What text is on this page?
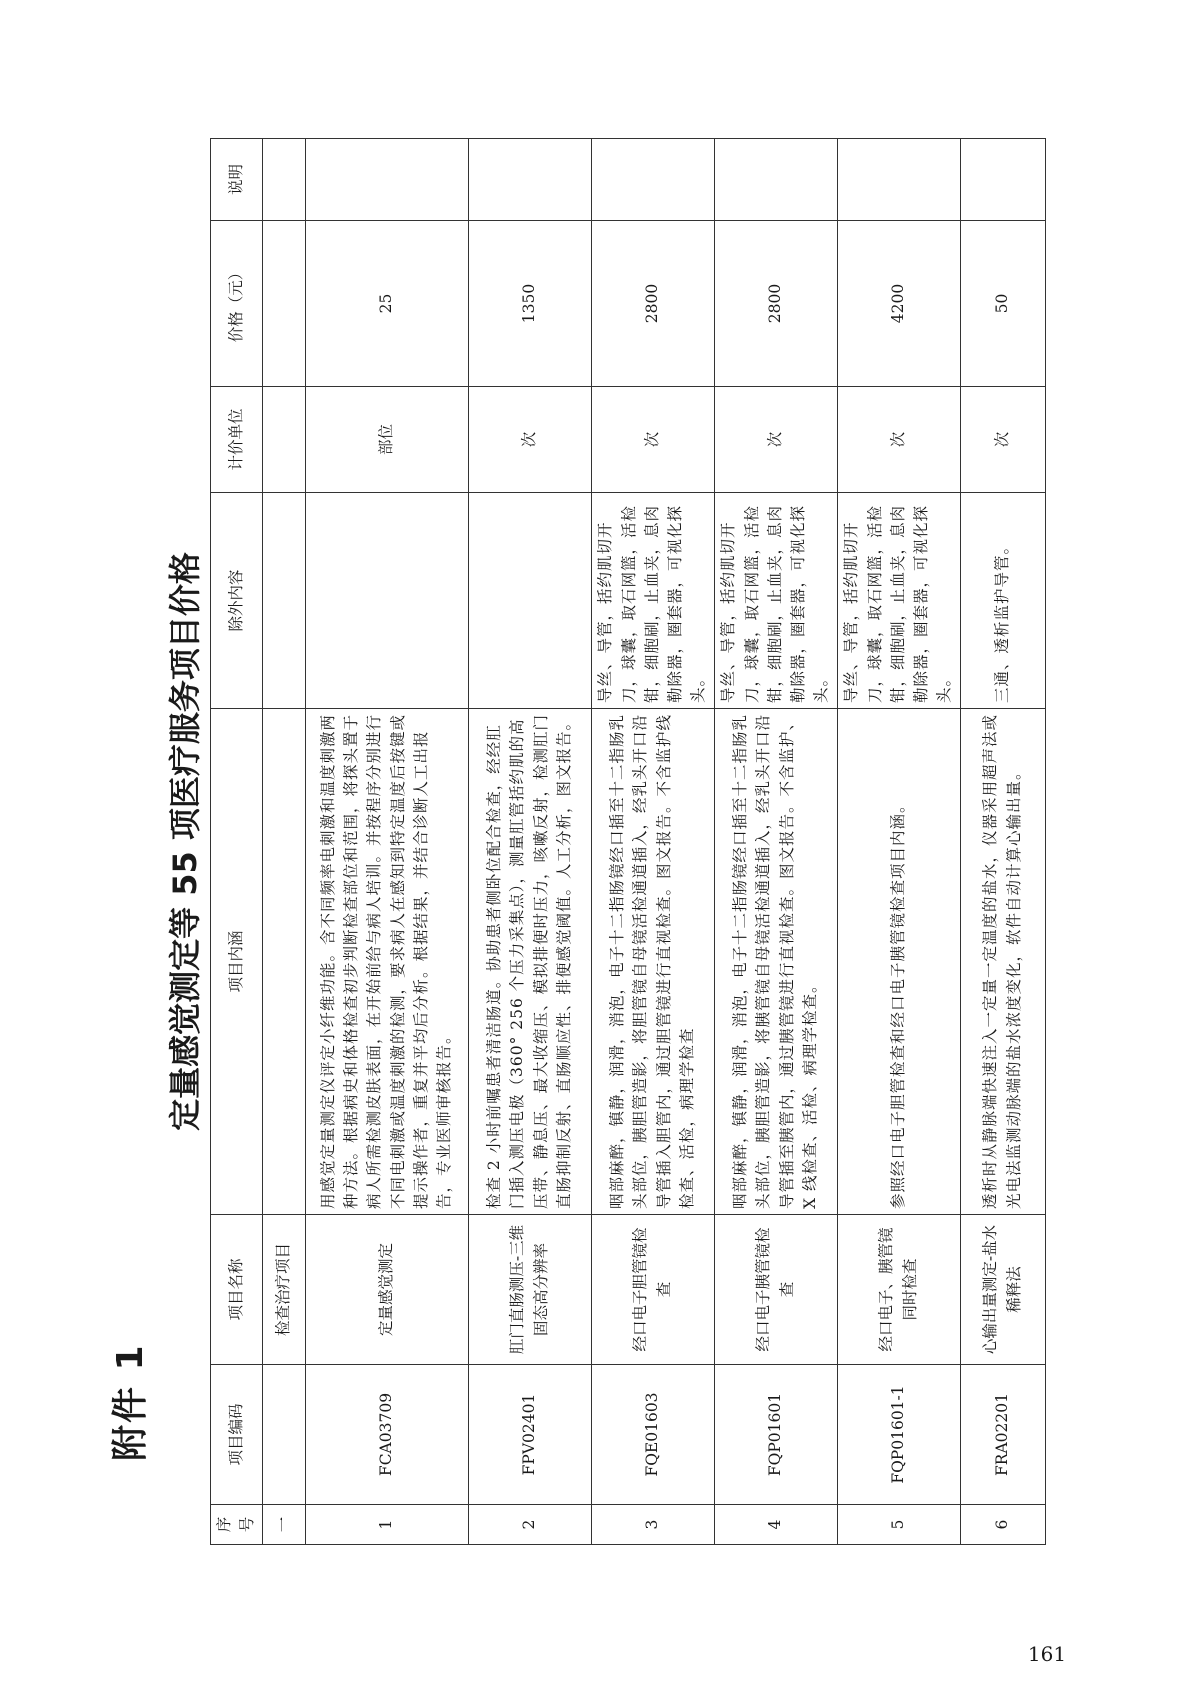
附件 1
定量感觉测定等 55 项医疗服务项目价格
序号	项目编码	项目名称	项目内涵	除外内容	计价单位	价格（元）	说明
一		检查治疗项目					
1	FCA03709	定量感觉测定	用感觉定量测定仪评定小纤维功能。含不同频率电刺激和温度刺激两种方法。根据病史和体格检查初步判断检查部位和范围，将探头置于病人所需检测皮肤表面，在开始前给与病人培训。并按程序分别进行不同电刺激或温度刺激的检测，要求病人在感知到特定温度后按键或提示操作者，重复并平均后分析。根据结果，并结合诊断人工出报告，专业医师审核报告。		部位	25	
2	FPV02401	肛门直肠测压-三维固态高分辨率	检查 2 小时前嘱患者清洁肠道。协助患者侧卧位配合检查，经经肛门插入测压电极（360° 256 个压力采集点），测量肛管括约肌的高压带、静息压、最大收缩压、模拟排便时压力，咳嗽反射，检测肛门直肠抑制反射、直肠顺应性、排便感觉阈值。人工分析，图文报告。		次	1350	
3	FQE01603	经口电子胆管镜检查	咽部麻醉，镇静，润滑，消泡，电子十二指肠镜经口插至十二指肠乳头部位，胰胆管造影，将胆管镜自母镜活检通道插入，经乳头开口沿导管插入胆管内，通过胆管镜进行直视检查。图文报告。不含监护线检查、活检，病理学检查	导丝、导管，括约肌切开刀，球囊，取石网篮，活检钳，细胞刷，止血夹，息肉勒除器，圈套器，可视化探头。	次	2800	
4	FQP01601	经口电子胰管镜检查	咽部麻醉，镇静，润滑，消泡，电子十二指肠镜经口插至十二指肠乳头部位，胰胆管造影，将胰管镜自母镜活检通道插入，经乳头开口沿导管插至胰管内，通过胰管镜进行直视检查。图文报告。不含监护、X 线检查、活检、病理学检查。	导丝、导管，括约肌切开刀，球囊，取石网篮，活检钳，细胞刷，止血夹，息肉勒除器，圈套器，可视化探头。	次	2800	
5	FQP01601-1	经口电子、胰管镜同时检查	参照经口电子胆管检查和经口电子胰管镜检查项目内涵。	导丝、导管，括约肌切开刀，球囊，取石网篮，活检钳，细胞刷，止血夹，息肉勒除器，圈套器，可视化探头。	次	4200	
6	FRA02201	心输出量测定-盐水稀释法	透析时从静脉端快速注入一定量一定温度的盐水，仪器采用超声法或光电法监测动脉端的盐水浓度变化，软件自动计算心输出量。	三通、透析监护导管。	次	50	
161
